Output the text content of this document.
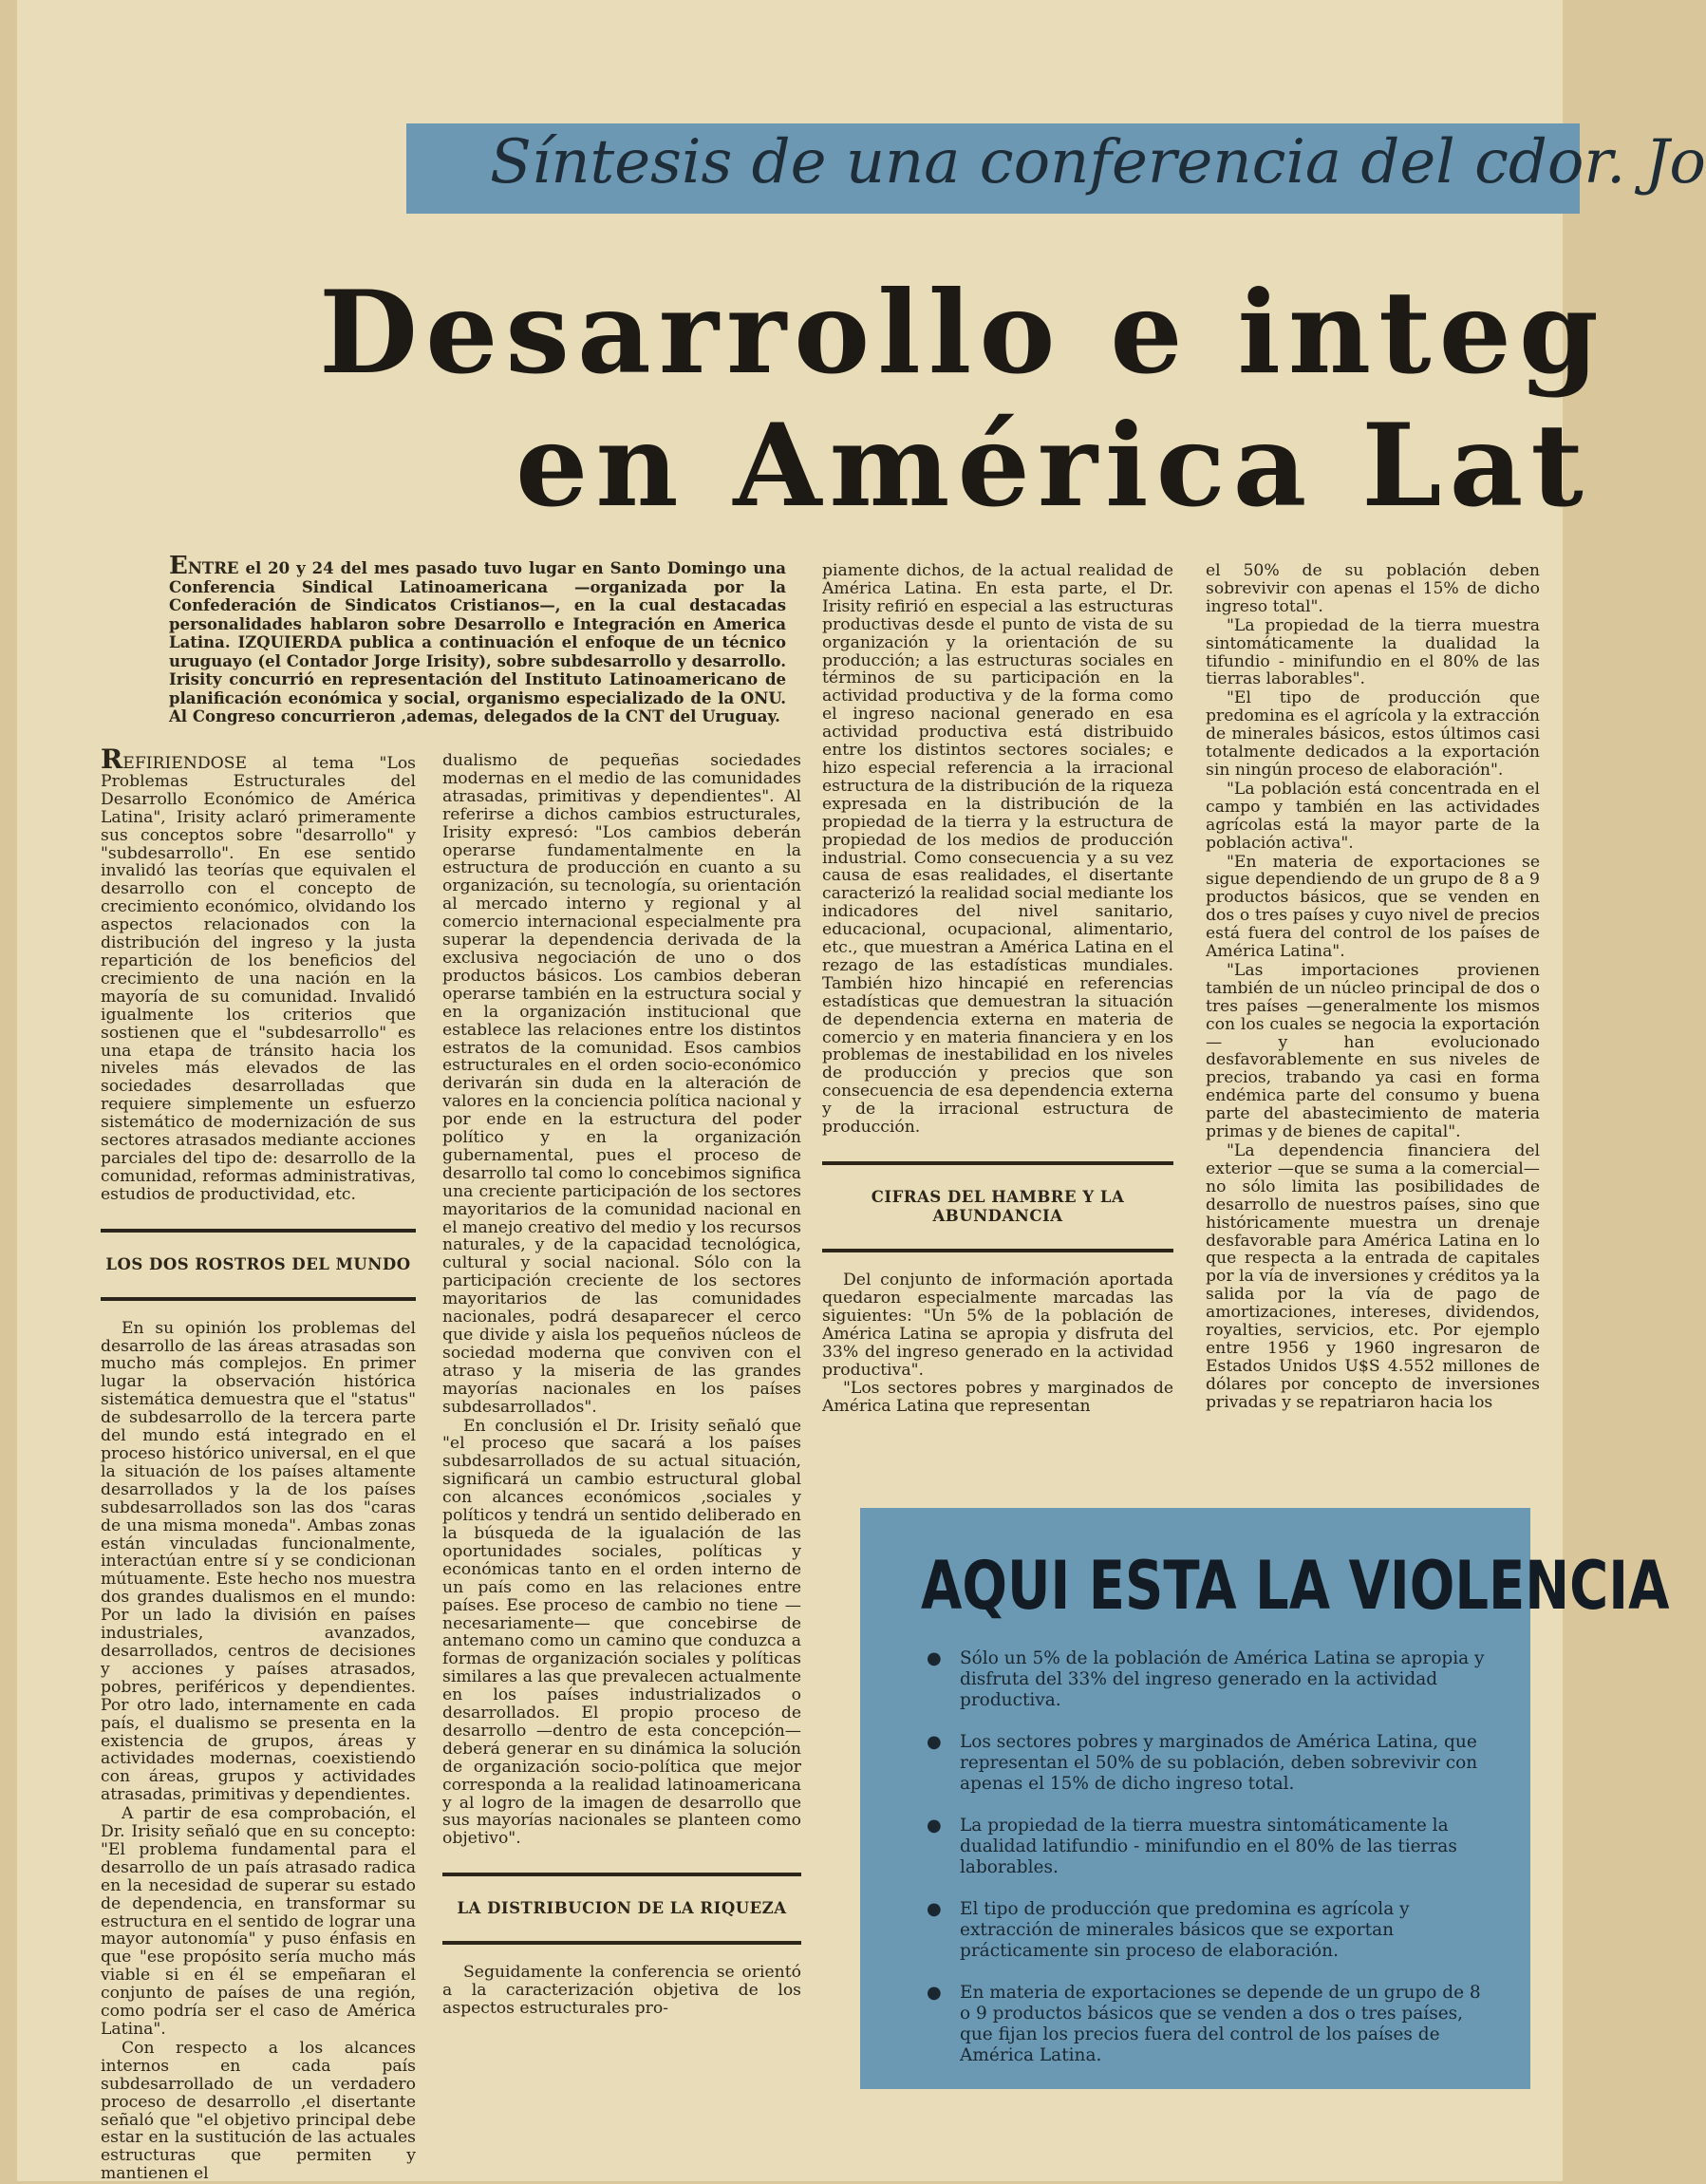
Síntesis de una conferencia del cdor. Jo
Desarrollo e integ
en América Lat
ENTRE el 20 y 24 del mes pasado tuvo lugar en Santo Domingo una Conferencia Sindical Latinoamericana —organizada por la Confederación de Sindicatos Cristianos—, en la cual destacadas personalidades hablaron sobre Desarrollo e Integración en America Latina. IZQUIERDA publica a continuación el enfoque de un técnico uruguayo (el Contador Jorge Irisity), sobre subdesarrollo y desarrollo. Irisity concurrió en representación del Instituto Latinoamericano de planificación económica y social, organismo especializado de la ONU. Al Congreso concurrieron ,ademas, delegados de la CNT del Uruguay.

REFIRIENDOSE al tema "Los Problemas Estructurales del Desarrollo Económico de América Latina", Irisity aclaró primeramente sus conceptos sobre "desarrollo" y "subdesarrollo". En ese sentido invalidó las teorías que equivalen el desarrollo con el concepto de crecimiento económico, olvidando los aspectos relacionados con la distribución del ingreso y la justa repartición de los beneficios del crecimiento de una nación en la mayoría de su comunidad. Invalidó igualmente los criterios que sostienen que el "subdesarrollo" es una etapa de tránsito hacia los niveles más elevados de las sociedades desarrolladas que requiere simplemente un esfuerzo sistemático de modernización de sus sectores atrasados mediante acciones parciales del tipo de: desarrollo de la comunidad, reformas administrativas, estudios de productividad, etc.

LOS DOS ROSTROS DEL MUNDO

En su opinión los problemas del desarrollo de las áreas atrasadas son mucho más complejos. En primer lugar la observación histórica sistemática demuestra que el "status" de subdesarrollo de la tercera parte del mundo está integrado en el proceso histórico universal, en el que la situación de los países altamente desarrollados y la de los países subdesarrollados son las dos "caras de una misma moneda". Ambas zonas están vinculadas funcionalmente, interactúan entre sí y se condicionan mútuamente. Este hecho nos muestra dos grandes dualismos en el mundo: Por un lado la división en países industriales, avanzados, desarrollados, centros de decisiones y acciones y países atrasados, pobres, periféricos y dependientes. Por otro lado, internamente en cada país, el dualismo se presenta en la existencia de grupos, áreas y actividades modernas, coexistiendo con áreas, grupos y actividades atrasadas, primitivas y dependientes.

A partir de esa comprobación, el Dr. Irisity señaló que en su concepto: "El problema fundamental para el desarrollo de un país atrasado radica en la necesidad de superar su estado de dependencia, en transformar su estructura en el sentido de lograr una mayor autonomía" y puso énfasis en que "ese propósito sería mucho más viable si en él se empeñaran el conjunto de países de una región, como podría ser el caso de América Latina".

Con respecto a los alcances internos en cada país subdesarrollado de un verdadero proceso de desarrollo ,el disertante señaló que "el objetivo principal debe estar en la sustitución de las actuales estructuras que permiten y mantienen el

dualismo de pequeñas sociedades modernas en el medio de las comunidades atrasadas, primitivas y dependientes". Al referirse a dichos cambios estructurales, Irisity expresó: "Los cambios deberán operarse fundamentalmente en la estructura de producción en cuanto a su organización, su tecnología, su orientación al mercado interno y regional y al comercio internacional especialmente pra superar la dependencia derivada de la exclusiva negociación de uno o dos productos básicos. Los cambios deberan operarse también en la estructura social y en la organización institucional que establece las relaciones entre los distintos estratos de la comunidad. Esos cambios estructurales en el orden socio-económico derivarán sin duda en la alteración de valores en la conciencia política nacional y por ende en la estructura del poder político y en la organización gubernamental, pues el proceso de desarrollo tal como lo concebimos significa una creciente participación de los sectores mayoritarios de la comunidad nacional en el manejo creativo del medio y los recursos naturales, y de la capacidad tecnológica, cultural y social nacional. Sólo con la participación creciente de los sectores mayoritarios de las comunidades nacionales, podrá desaparecer el cerco que divide y aisla los pequeños núcleos de sociedad moderna que conviven con el atraso y la miseria de las grandes mayorías nacionales en los países subdesarrollados".

En conclusión el Dr. Irisity señaló que "el proceso que sacará a los países subdesarrollados de su actual situación, significará un cambio estructural global con alcances económicos ,sociales y políticos y tendrá un sentido deliberado en la búsqueda de la igualación de las oportunidades sociales, políticas y económicas tanto en el orden interno de un país como en las relaciones entre países. Ese proceso de cambio no tiene —necesariamente— que concebirse de antemano como un camino que conduzca a formas de organización sociales y políticas similares a las que prevalecen actualmente en los países industrializados o desarrollados. El propio proceso de desarrollo —dentro de esta concepción— deberá generar en su dinámica la solución de organización socio-política que mejor corresponda a la realidad latinoamericana y al logro de la imagen de desarrollo que sus mayorías nacionales se planteen como objetivo".

LA DISTRIBUCION DE LA RIQUEZA

Seguidamente la conferencia se orientó a la caracterización objetiva de los aspectos estructurales pro-

piamente dichos, de la actual realidad de América Latina. En esta parte, el Dr. Irisity refirió en especial a las estructuras productivas desde el punto de vista de su organización y la orientación de su producción; a las estructuras sociales en términos de su participación en la actividad productiva y de la forma como el ingreso nacional generado en esa actividad productiva está distribuido entre los distintos sectores sociales; e hizo especial referencia a la irracional estructura de la distribución de la riqueza expresada en la distribución de la propiedad de la tierra y la estructura de propiedad de los medios de producción industrial. Como consecuencia y a su vez causa de esas realidades, el disertante caracterizó la realidad social mediante los indicadores del nivel sanitario, educacional, ocupacional, alimentario, etc., que muestran a América Latina en el rezago de las estadísticas mundiales. También hizo hincapié en referencias estadísticas que demuestran la situación de dependencia externa en materia de comercio y en materia financiera y en los problemas de inestabilidad en los niveles de producción y precios que son consecuencia de esa dependencia externa y de la irracional estructura de producción.

CIFRAS DEL HAMBRE Y LA ABUNDANCIA

Del conjunto de información aportada quedaron especialmente marcadas las siguientes: "Un 5% de la población de América Latina se apropia y disfruta del 33% del ingreso generado en la actividad productiva".

"Los sectores pobres y marginados de América Latina que representan

el 50% de su población deben sobrevivir con apenas el 15% de dicho ingreso total".

"La propiedad de la tierra muestra sintomáticamente la dualidad la tifundio - minifundio en el 80% de las tierras laborables".

"El tipo de producción que predomina es el agrícola y la extracción de minerales básicos, estos últimos casi totalmente dedicados a la exportación sin ningún proceso de elaboración".

"La población está concentrada en el campo y también en las actividades agrícolas está la mayor parte de la población activa".

"En materia de exportaciones se sigue dependiendo de un grupo de 8 a 9 productos básicos, que se venden en dos o tres países y cuyo nivel de precios está fuera del control de los países de América Latina".

"Las importaciones provienen también de un núcleo principal de dos o tres países —generalmente los mismos con los cuales se negocia la exportación— y han evolucionado desfavorablemente en sus niveles de precios, trabando ya casi en forma endémica parte del consumo y buena parte del abastecimiento de materia primas y de bienes de capital".

"La dependencia financiera del exterior —que se suma a la comercial— no sólo limita las posibilidades de desarrollo de nuestros países, sino que históricamente muestra un drenaje desfavorable para América Latina en lo que respecta a la entrada de capitales por la vía de inversiones y créditos ya la salida por la vía de pago de amortizaciones, intereses, dividendos, royalties, servicios, etc. Por ejemplo entre 1956 y 1960 ingresaron de Estados Unidos U$S 4.552 millones de dólares por concepto de inversiones privadas y se repatriaron hacia los

AQUI ESTA LA VIOLENCIA
● Sólo un 5% de la población de América Latina se apropia y disfruta del 33% del ingreso generado en la actividad productiva.
● Los sectores pobres y marginados de América Latina, que representan el 50% de su población, deben sobrevivir con apenas el 15% de dicho ingreso total.
● La propiedad de la tierra muestra sintomáticamente la dualidad latifundio - minifundio en el 80% de las tierras laborables.
● El tipo de producción que predomina es agrícola y extracción de minerales básicos que se exportan prácticamente sin proceso de elaboración.
● En materia de exportaciones se depende de un grupo de 8 o 9 productos básicos que se venden a dos o tres países, que fijan los precios fuera del control de los países de América Latina.
